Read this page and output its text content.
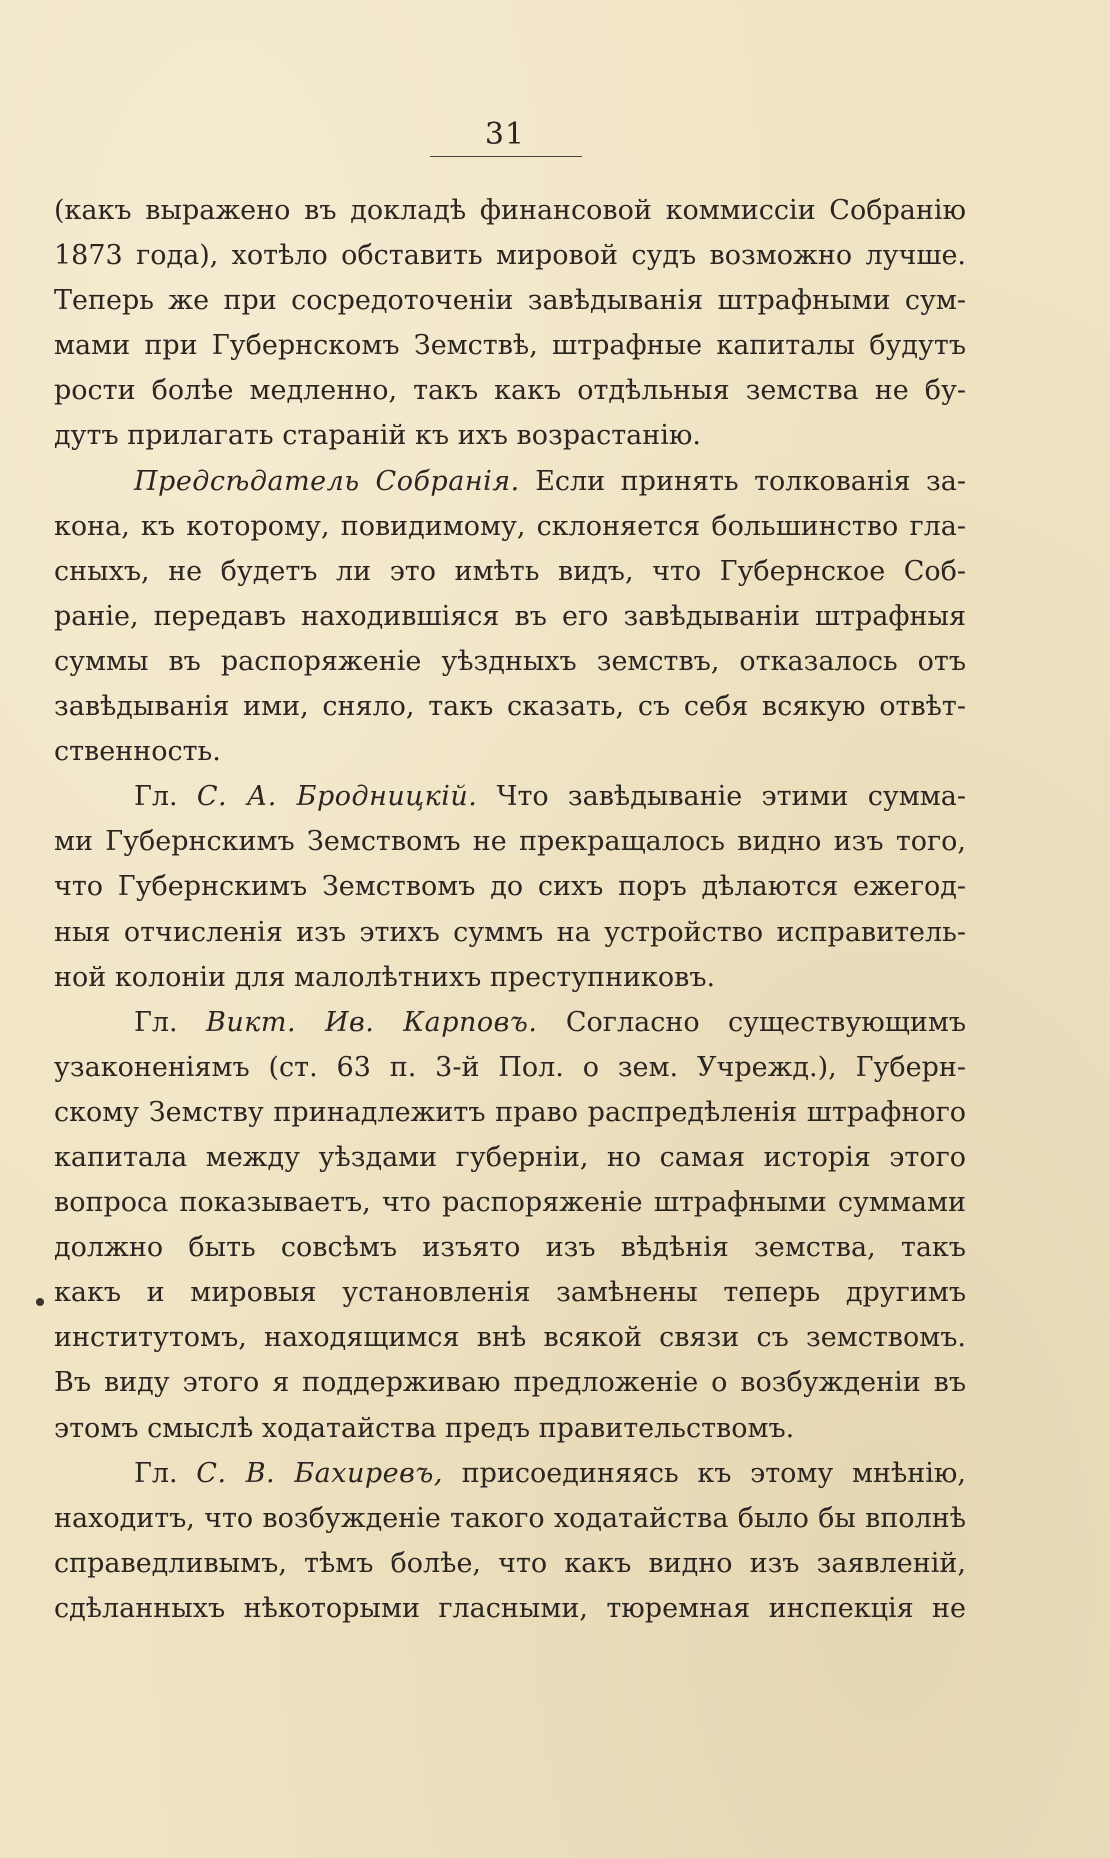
31
(какъ выражено въ докладѣ финансовой коммиссіи Собранію
1873 года), хотѣло обставить мировой судъ возможно лучше.
Теперь же при сосредоточеніи завѣдыванія штрафными сум-
мами при Губернскомъ Земствѣ, штрафные капиталы будутъ
рости болѣе медленно, такъ какъ отдѣльныя земства не бу-
дутъ прилагать стараній къ ихъ возрастанію.
Предсѣдатель Собранія. Если принять толкованія за-
кона, къ которому, повидимому, склоняется большинство гла-
сныхъ, не будетъ ли это имѣть видъ, что Губернское Соб-
раніе, передавъ находившіяся въ его завѣдываніи штрафныя
суммы въ распоряженіе уѣздныхъ земствъ, отказалось отъ
завѣдыванія ими, сняло, такъ сказать, съ себя всякую отвѣт-
ственность.
Гл. С. А. Бродницкій. Что завѣдываніе этими сумма-
ми Губернскимъ Земствомъ не прекращалось видно изъ того,
что Губернскимъ Земствомъ до сихъ поръ дѣлаются ежегод-
ныя отчисленія изъ этихъ суммъ на устройство исправитель-
ной колоніи для малолѣтнихъ преступниковъ.
Гл. Викт. Ив. Карповъ. Согласно существующимъ
узаконеніямъ (ст. 63 п. 3-й Пол. о зем. Учрежд.), Губерн-
скому Земству принадлежитъ право распредѣленія штрафного
капитала между уѣздами губерніи, но самая исторія этого
вопроса показываетъ, что распоряженіе штрафными суммами
должно быть совсѣмъ изъято изъ вѣдѣнія земства, такъ
какъ и мировыя установленія замѣнены теперь другимъ
институтомъ, находящимся внѣ всякой связи съ земствомъ.
Въ виду этого я поддерживаю предложеніе о возбужденіи въ
этомъ смыслѣ ходатайства предъ правительствомъ.
Гл. С. В. Бахиревъ, присоединяясь къ этому мнѣнію,
находитъ, что возбужденіе такого ходатайства было бы вполнѣ
справедливымъ, тѣмъ болѣе, что какъ видно изъ заявленій,
сдѣланныхъ нѣкоторыми гласными, тюремная инспекція не
